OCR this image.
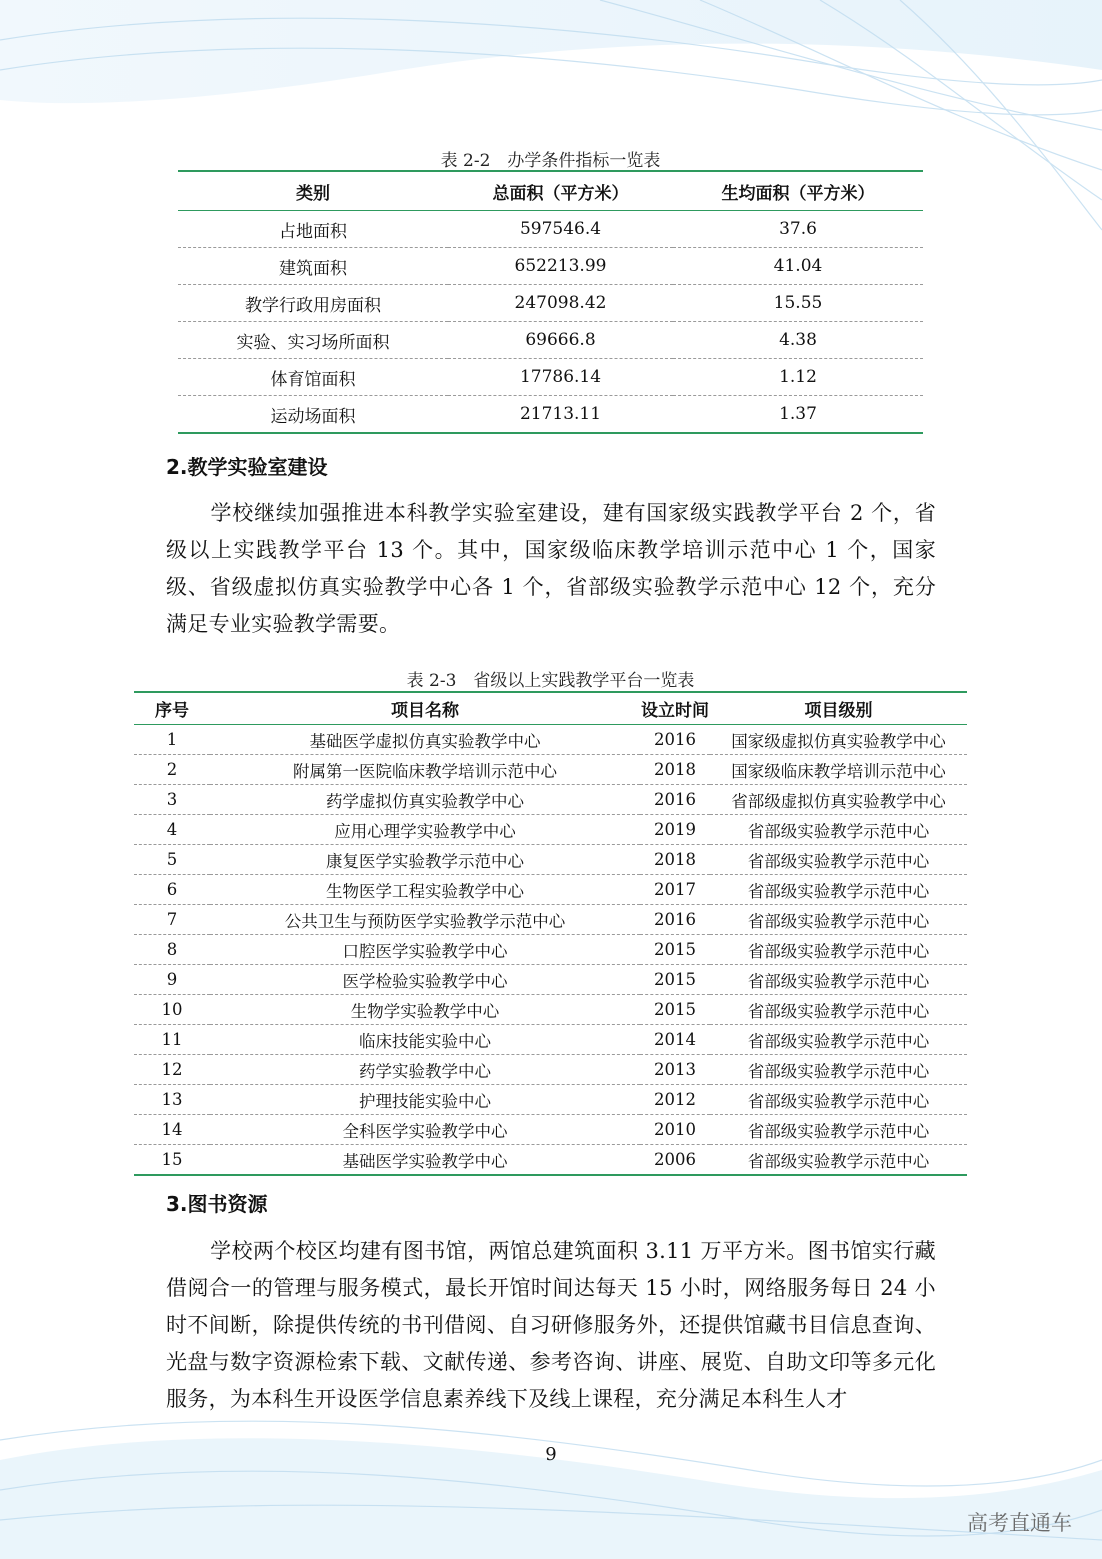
表 2-2　办学条件指标一览表
类别	总面积（平方米）	生均面积（平方米）
占地面积	597546.4	37.6
建筑面积	652213.99	41.04
教学行政用房面积	247098.42	15.55
实验、实习场所面积	69666.8	4.38
体育馆面积	17786.14	1.12
运动场面积	21713.11	1.37
2.教学实验室建设
学校继续加强推进本科教学实验室建设，建有国家级实践教学平台 2 个，省级以上实践教学平台 13 个。其中，国家级临床教学培训示范中心 1 个，国家级、省级虚拟仿真实验教学中心各 1 个，省部级实验教学示范中心 12 个，充分满足专业实验教学需要。
表 2-3　省级以上实践教学平台一览表
序号	项目名称	设立时间	项目级别
1	基础医学虚拟仿真实验教学中心	2016	国家级虚拟仿真实验教学中心
2	附属第一医院临床教学培训示范中心	2018	国家级临床教学培训示范中心
3	药学虚拟仿真实验教学中心	2016	省部级虚拟仿真实验教学中心
4	应用心理学实验教学中心	2019	省部级实验教学示范中心
5	康复医学实验教学示范中心	2018	省部级实验教学示范中心
6	生物医学工程实验教学中心	2017	省部级实验教学示范中心
7	公共卫生与预防医学实验教学示范中心	2016	省部级实验教学示范中心
8	口腔医学实验教学中心	2015	省部级实验教学示范中心
9	医学检验实验教学中心	2015	省部级实验教学示范中心
10	生物学实验教学中心	2015	省部级实验教学示范中心
11	临床技能实验中心	2014	省部级实验教学示范中心
12	药学实验教学中心	2013	省部级实验教学示范中心
13	护理技能实验中心	2012	省部级实验教学示范中心
14	全科医学实验教学中心	2010	省部级实验教学示范中心
15	基础医学实验教学中心	2006	省部级实验教学示范中心
3.图书资源
学校两个校区均建有图书馆，两馆总建筑面积 3.11 万平方米。图书馆实行藏借阅合一的管理与服务模式，最长开馆时间达每天 15 小时，网络服务每日 24 小时不间断，除提供传统的书刊借阅、自习研修服务外，还提供馆藏书目信息查询、光盘与数字资源检索下载、文献传递、参考咨询、讲座、展览、自助文印等多元化服务，为本科生开设医学信息素养线下及线上课程，充分满足本科生人才
9
高考直通车
